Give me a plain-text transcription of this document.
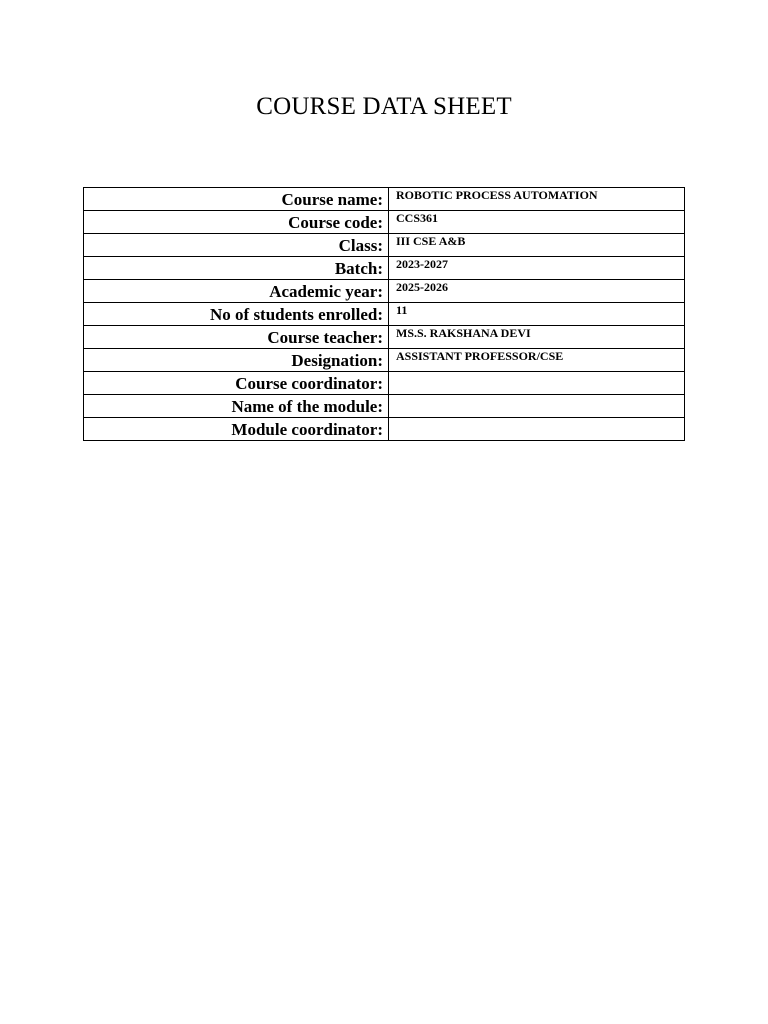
COURSE DATA SHEET
Course name:	ROBOTIC PROCESS AUTOMATION
Course code:	CCS361
Class:	III CSE A&B
Batch:	2023-2027
Academic year:	2025-2026
No of students enrolled:	11
Course teacher:	MS.S. RAKSHANA DEVI
Designation:	ASSISTANT PROFESSOR/CSE
Course coordinator:	
Name of the module:	
Module coordinator:	
